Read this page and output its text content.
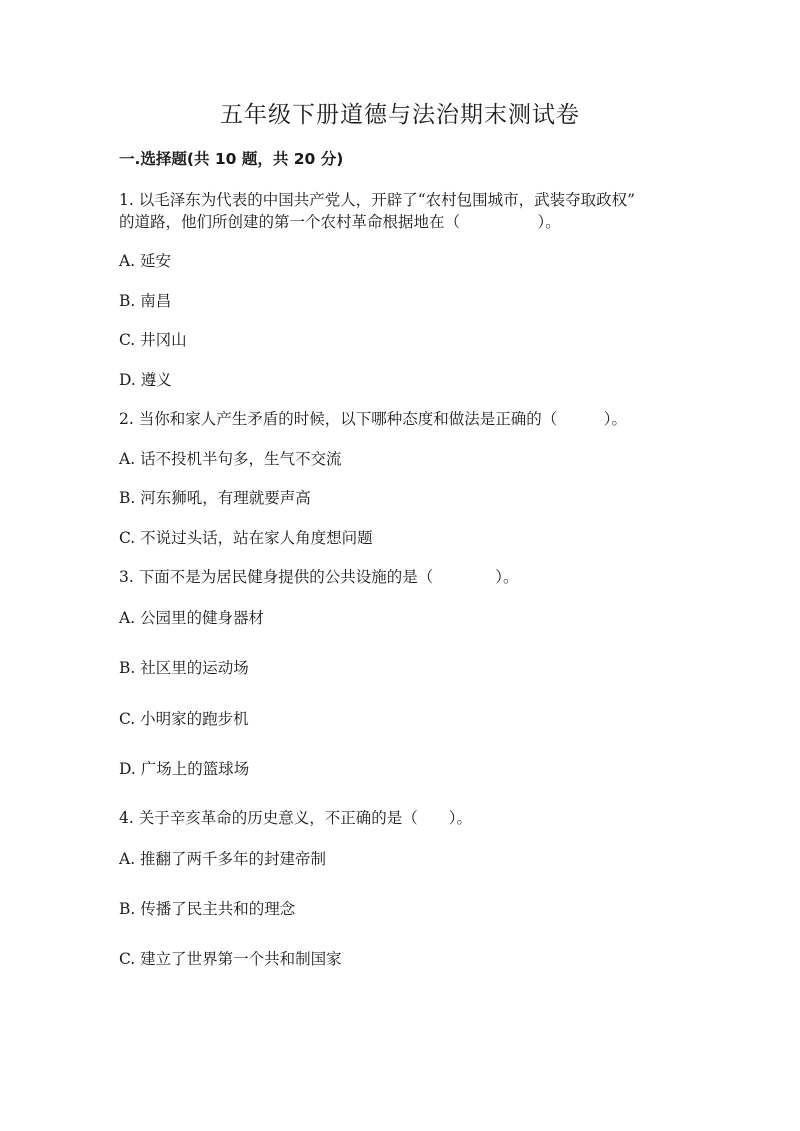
五年级下册道德与法治期末测试卷
一.选择题(共 10 题，共 20 分)
1. 以毛泽东为代表的中国共产党人，开辟了“农村包围城市，武装夺取政权”
的道路，他们所创建的第一个农村革命根据地在（　　　　　）。
A. 延安
B. 南昌
C. 井冈山
D. 遵义
2. 当你和家人产生矛盾的时候，以下哪种态度和做法是正确的（　　　）。
A. 话不投机半句多，生气不交流
B. 河东狮吼，有理就要声高
C. 不说过头话，站在家人角度想问题
3. 下面不是为居民健身提供的公共设施的是（　　　　）。
A. 公园里的健身器材
B. 社区里的运动场
C. 小明家的跑步机
D. 广场上的篮球场
4. 关于辛亥革命的历史意义，不正确的是（　　）。
A. 推翻了两千多年的封建帝制
B. 传播了民主共和的理念
C. 建立了世界第一个共和制国家
